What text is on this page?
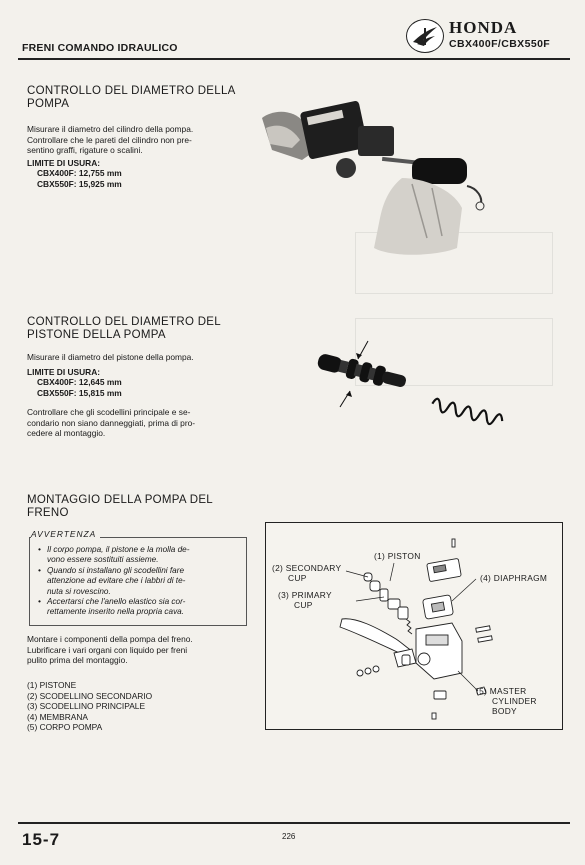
FRENI COMANDO IDRAULICO
HONDA
CBX400F/CBX550F
CONTROLLO DEL DIAMETRO DELLA
POMPA
Misurare il diametro del cilindro della pompa.
Controllare che le pareti del cilindro non pre-
sentino graffi, rigature o scalini.
LIMITE DI USURA:
CBX400F: 12,755 mm
CBX550F: 15,925 mm
CONTROLLO DEL DIAMETRO DEL
PISTONE DELLA POMPA
Misurare il diametro del pistone della pompa.
LIMITE DI USURA:
CBX400F: 12,645 mm
CBX550F: 15,815 mm
Controllare che gli scodellini principale e se-
condario non siano danneggiati, prima di pro-
cedere al montaggio.
MONTAGGIO DELLA POMPA DEL
FRENO
• Il corpo pompa, il pistone e la molla de-
vono essere sostituiti assieme.
• Quando si installano gli scodellini fare
attenzione ad evitare che i labbri di te-
nuta si rovescino.
• Accertarsi che l'anello elastico sia cor-
rettamente inserito nella propria cava.
AVVERTENZA
Montare i componenti della pompa del freno.
Lubrificare i vari organi con liquido per freni
pulito prima del montaggio.
(1) PISTONE
(2) SCODELLINO SECONDARIO
(3) SCODELLINO PRINCIPALE
(4) MEMBRANA
(5) CORPO POMPA
(1) PISTON
(2) SECONDARY
CUP
(3) PRIMARY
CUP
(4) DIAPHRAGM
(5) MASTER
CYLINDER
BODY
15-7	226
